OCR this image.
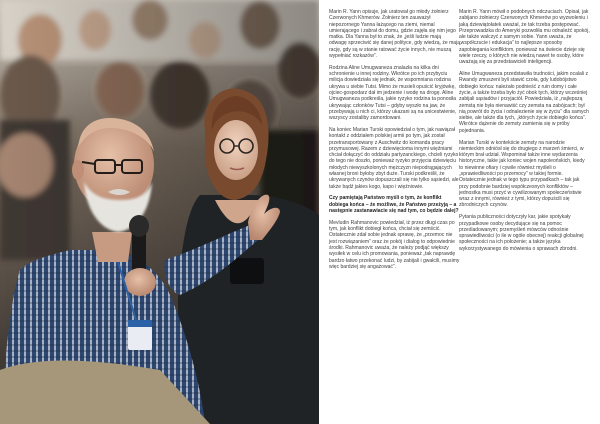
Marin R. Yann opisuje, jak uratował go młody żołnierz Czerwonych Khmerów. Żołnierz ten zauważył niepozornego Yanna łażącego na ziemi, niemal umierającego i zabrał do domu, gdzie zajęła się nim jego matka. Dla Yanna był to znak, że „jeśli ludzie mają odwagę sprzeciwić się danej polityce, gdy wiedzą, że mają rację, gdy są w stanie ratować życie innych, nie muszą wypełniać rozkazów”.

Rodzina Aline Umugwaneza znalazła na kilka dni schronienie u innej rodziny. Wkrótce po ich przybyciu milicja dowiedziała się jednak, że wspomniana rodzina ukrywa u siebie Tutsi. Mimo że musieli opuścić kryjówkę, ojciec-gospodarz dał im jedzenie i wodę na drogę. Aline Umugwaneza podkreśla, jakie ryzyko rodzina ta ponosiła ukrywając członków Tutsi – gdyby wyszło na jaw, że przebywają u nich ci, którzy ukazani są na unicestwienie, wszyscy zostaliby zamordowani.

Na koniec Marian Turski opowiedział o tym, jak nawiązał kontakt z oddziałem polskiej armii po tym, jak został przetransportowany z Auschwitz do komanda pracy przymusowej. Razem z dziewięcioma innymi więźniami chciał dołączyć do oddziału partyzanckiego, chcieli ryzyko do tego nie doszło, ponieważ ryzyko przyjęcia dziewięciu młodych niewyszkolonych mężczyzn niepodrągających własnej broni byłoby zbyt duże. Turski podkreślił, że ukrywanych czynów dopuszczali się nie tylko sąsiedzi, ale także bądź jakies kogo, kapo i więźniowie.

Czy pamiętają Państwo myśli o tym, że konflikt dobiega końca – że możliwe, że Państwo przeżyją – a następnie zastanawiacie się nad tym, co będzie dalej?

Mevludin Rahmanovic powiedział, iż przez długi czas po tym, jak konflikt dobiegł końca, chciał się zemścić. Ostatecznie zdał sobie jednak sprawę, że „przemoc nie jest rozwiązaniem” oraz że pokój i dialog to odpowiednie środki. Rahmanovic uważa, że należy podjąć większy wysiłek w celu ich promowania, ponieważ „tak naprawdę bardzo łatwo przekonać ludzi, by zabijali i gwałcili, musimy więc bardziej się angażować”.

Marin R. Yann mówił o podobnych odczuciach. Opisał, jak zabijano żołnierzy Czerwonych Khmerów po wyzwoleniu i jaką dziewiątołatek uważał, że tak trzeba postępować. Przeprowadzka do Ameryki pozwoliła mu odnaleźć spokój, ale także walczyć z samym sobie. Yann uważa, że „współczucie i edukacja” to najlepsze sposoby zapobiegania konfliktom, ponieważ na świecie dzieje się wiele rzeczy, o których nie wiedzą nawet te osoby, które uważają się za przedstawicieli inteligencji.

Aline Umugwaneza przedstawiła trudności, jakim ocalali z Rwandy zmuszeni byli stawić czoła, gdy ludobójstwo dobiegło końca: należało podnieść z ruin domy i całe życie, a także trzeba było żyć obok tych, którzy wcześniej zabijali sąsiadów i przyjaciół. Powiedziała, iż „najlepszą zemstą nie była nienawiść czy zemsta na zabójcach; był nią powrót do życia i odnalezienie się w życiu” dla samych siebie, ale także dla tych, „których życie dobiegło końca”. Wkrótce dążenie do zemsty zamienia się w próby pojednania.

Marian Turski w kontekście zemsty na narodzie niemieckim odniósł się do drugiego z marzeń śmierci, w którym brał udział. Wspominał także inne wydarzenia historyczne, takie jak koniec wojen napoleońskich, kiedy to niewinne ofiary i cywile również myśleli o „sprawiedliwości po przemocy” w takiej formie. Ostatecznie jednak w tego typu przypadkach – tak jak przy podobnie bardziej współczesnych konfliktów – jednostka musi przyć w cywilizowanym społeczeństwie wraz z innymi, również z tymi, którzy dopuścili się zbrodniczych czynów.

Pytania publiczności dotyczyły kar, jakie spotykały przypadkowe osoby decydujące się na pomoc prześladowanym; przemyśleń mówców odnośnie sprawiedliwości (o ile w ogóle obecnej) reakcji globalnej społeczności na ich położenie; a także języka wykorzystywanego do mówienia o sprawach zbrodni.
